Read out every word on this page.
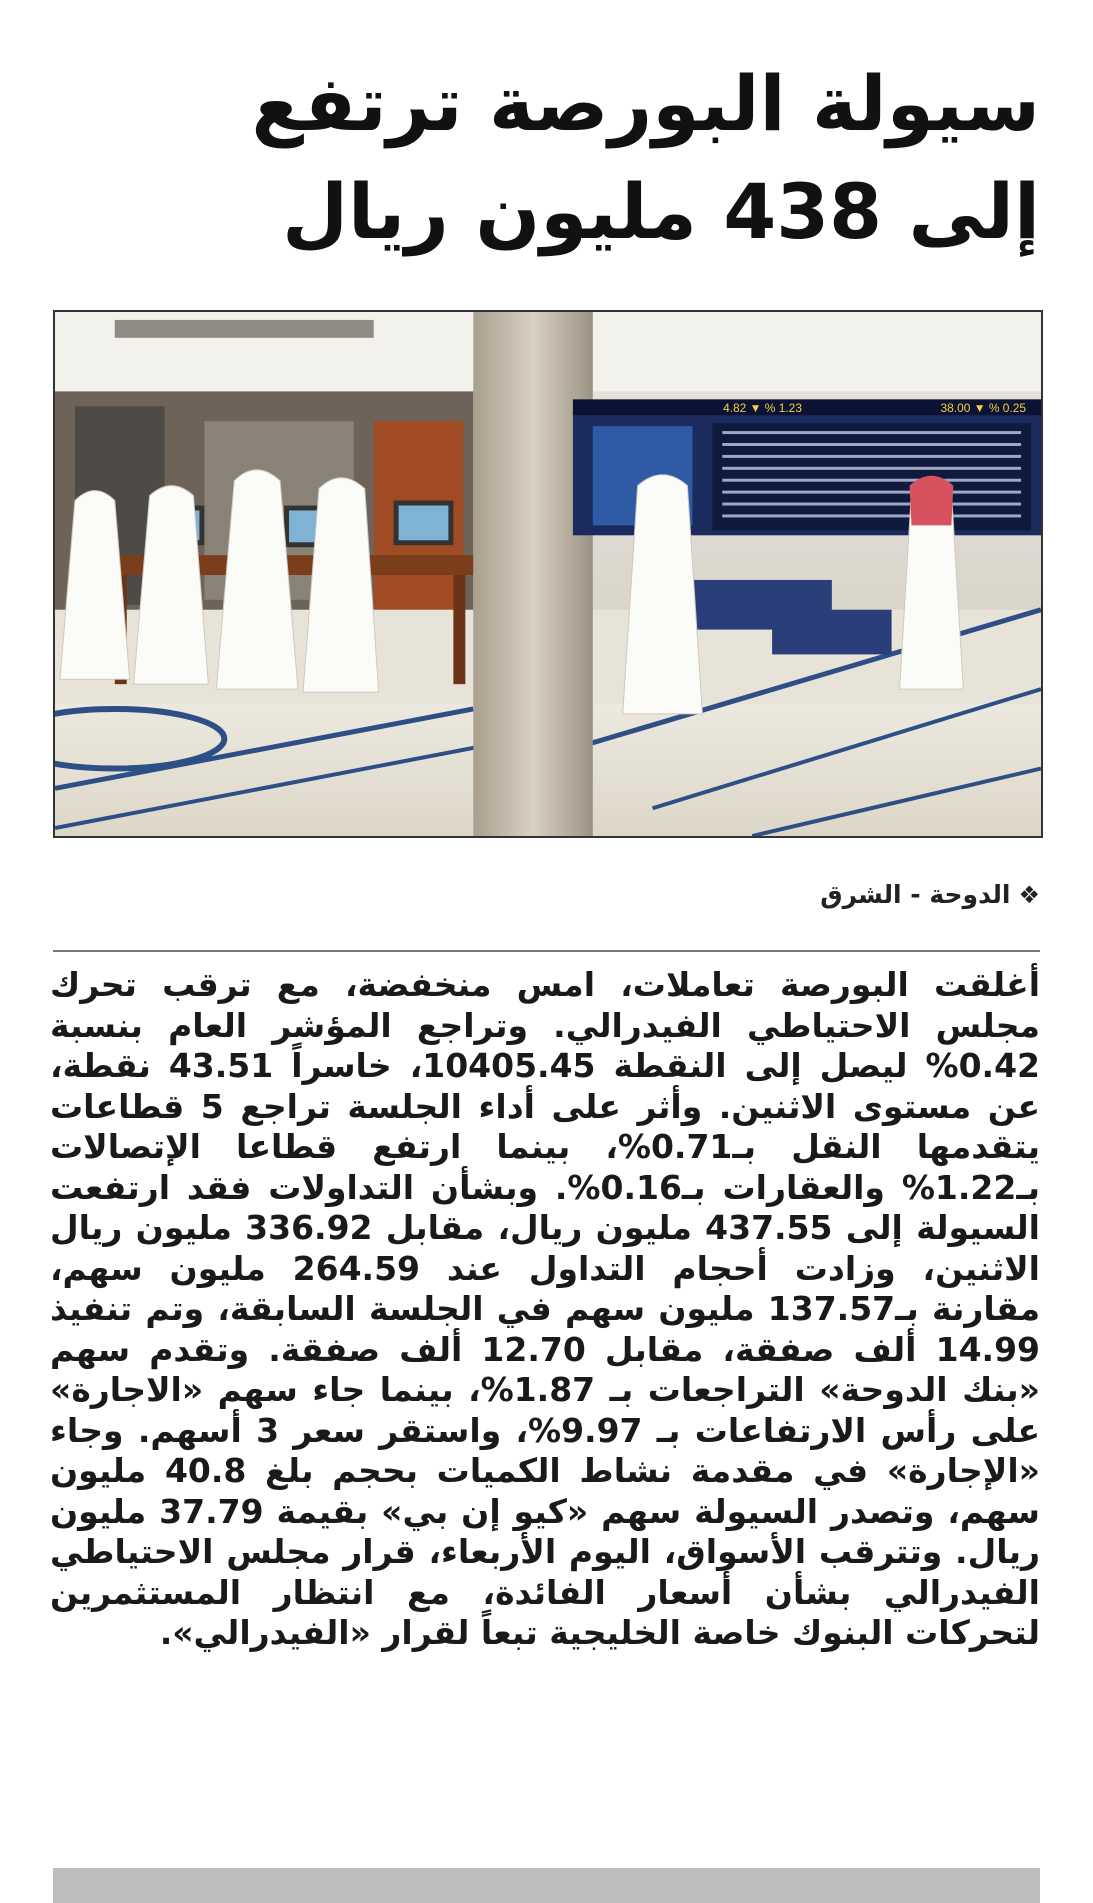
سيولة البورصة ترتفع
إلى 438 مليون ريال
38.00 ▼ % 0.25
4.82 ▼ % 1.23
❖الدوحة - الشرق
أغلقت البورصة تعاملات، امس منخفضة، مع ترقب تحرك مجلس الاحتياطي الفيدرالي. وتراجع المؤشر العام بنسبة 0.42% ليصل إلى النقطة 10405.45، خاسراً 43.51 نقطة، عن مستوى الاثنين. وأثر على أداء الجلسة تراجع 5 قطاعات يتقدمها النقل بـ0.71%، بينما ارتفع قطاعا الإتصالات بـ1.22% والعقارات بـ0.16%. وبشأن التداولات فقد ارتفعت السيولة إلى 437.55 مليون ريال، مقابل 336.92 مليون ريال الاثنين، وزادت أحجام التداول عند 264.59 مليون سهم، مقارنة بـ137.57 مليون سهم في الجلسة السابقة، وتم تنفيذ 14.99 ألف صفقة، مقابل 12.70 ألف صفقة. وتقدم سهم «بنك الدوحة» التراجعات بـ 1.87%، بينما جاء سهم «الاجارة» على رأس الارتفاعات بـ 9.97%، واستقر سعر 3 أسهم. وجاء «الإجارة» في مقدمة نشاط الكميات بحجم بلغ 40.8 مليون سهم، وتصدر السيولة سهم «كيو إن بي» بقيمة 37.79 مليون ريال. وتترقب الأسواق، اليوم الأربعاء، قرار مجلس الاحتياطي الفيدرالي بشأن أسعار الفائدة، مع انتظار المستثمرين لتحركات البنوك خاصة الخليجية تبعاً لقرار «الفيدرالي».
